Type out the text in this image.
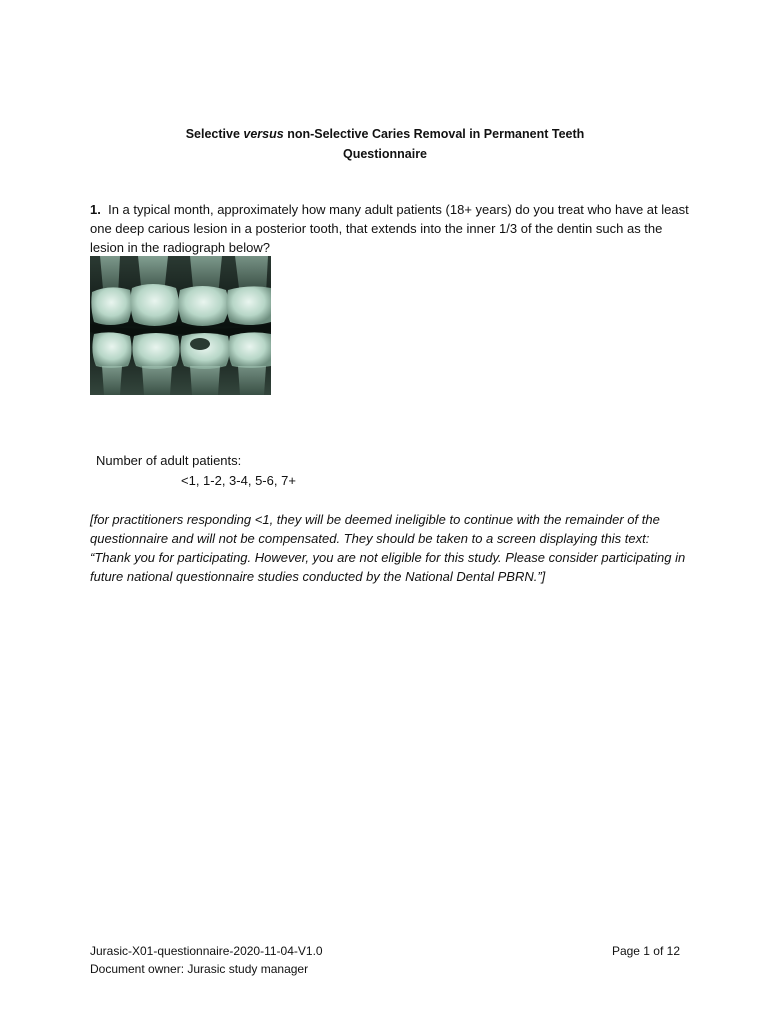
Selective versus non-Selective Caries Removal in Permanent Teeth
Questionnaire
1. In a typical month, approximately how many adult patients (18+ years) do you treat who have at least one deep carious lesion in a posterior tooth, that extends into the inner 1/3 of the dentin such as the lesion in the radiograph below?
Number of adult patients:
<1, 1-2, 3-4, 5-6, 7+
[for practitioners responding <1, they will be deemed ineligible to continue with the remainder of the questionnaire and will not be compensated. They should be taken to a screen displaying this text: “Thank you for participating. However, you are not eligible for this study. Please consider participating in future national questionnaire studies conducted by the National Dental PBRN.”]
Jurasic-X01-questionnaire-2020-11-04-V1.0
Document owner: Jurasic study manager
Page 1 of 12
